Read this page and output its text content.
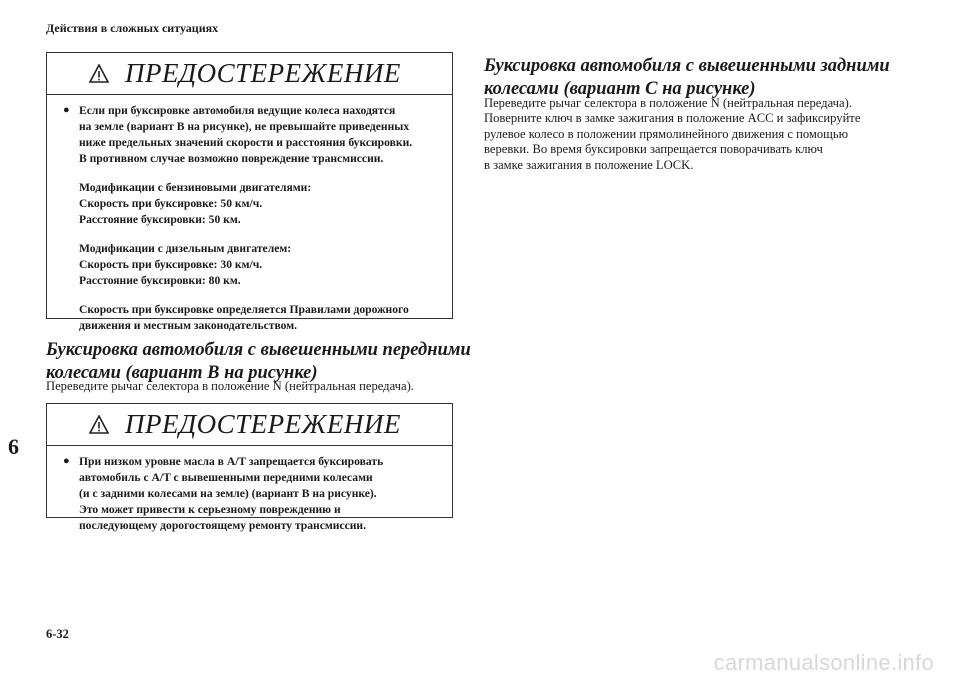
Действия в сложных ситуациях
6
ПРЕДОСТЕРЕЖЕНИЕ
● Если при буксировке автомобиля ведущие колеса находятся

на земле (вариант B на рисунке), не превышайте приведенных

ниже предельных значений скорости и расстояния буксировки.

В противном случае возможно повреждение трансмиссии.

Модификации с бензиновыми двигателями:

Скорость при буксировке: 50 км/ч.

Расстояние буксировки: 50 км.

Модификации с дизельным двигателем:

Скорость при буксировке: 30 км/ч.

Расстояние буксировки: 80 км.

Скорость при буксировке определяется Правилами дорожного

движения и местным законодательством.

Буксировка автомобиля с вывешенными передними
колесами (вариант B на рисунке)
Переведите рычаг селектора в положение N (нейтральная передача).
ПРЕДОСТЕРЕЖЕНИЕ
● При низком уровне масла в A/T запрещается буксировать

автомобиль с A/T с вывешенными передними колесами

(и с задними колесами на земле) (вариант B на рисунке).

Это может привести к серьезному повреждению и

последующему дорогостоящему ремонту трансмиссии.

Буксировка автомобиля с вывешенными задними
колесами (вариант C на рисунке)
Переведите рычаг селектора в положение N (нейтральная передача).
Поверните ключ в замке зажигания в положение ACC и зафиксируйте
рулевое колесо в положении прямолинейного движения с помощью
веревки. Во время буксировки запрещается поворачивать ключ
в замке зажигания в положение LOCK.
6-32
carmanualsonline.info
